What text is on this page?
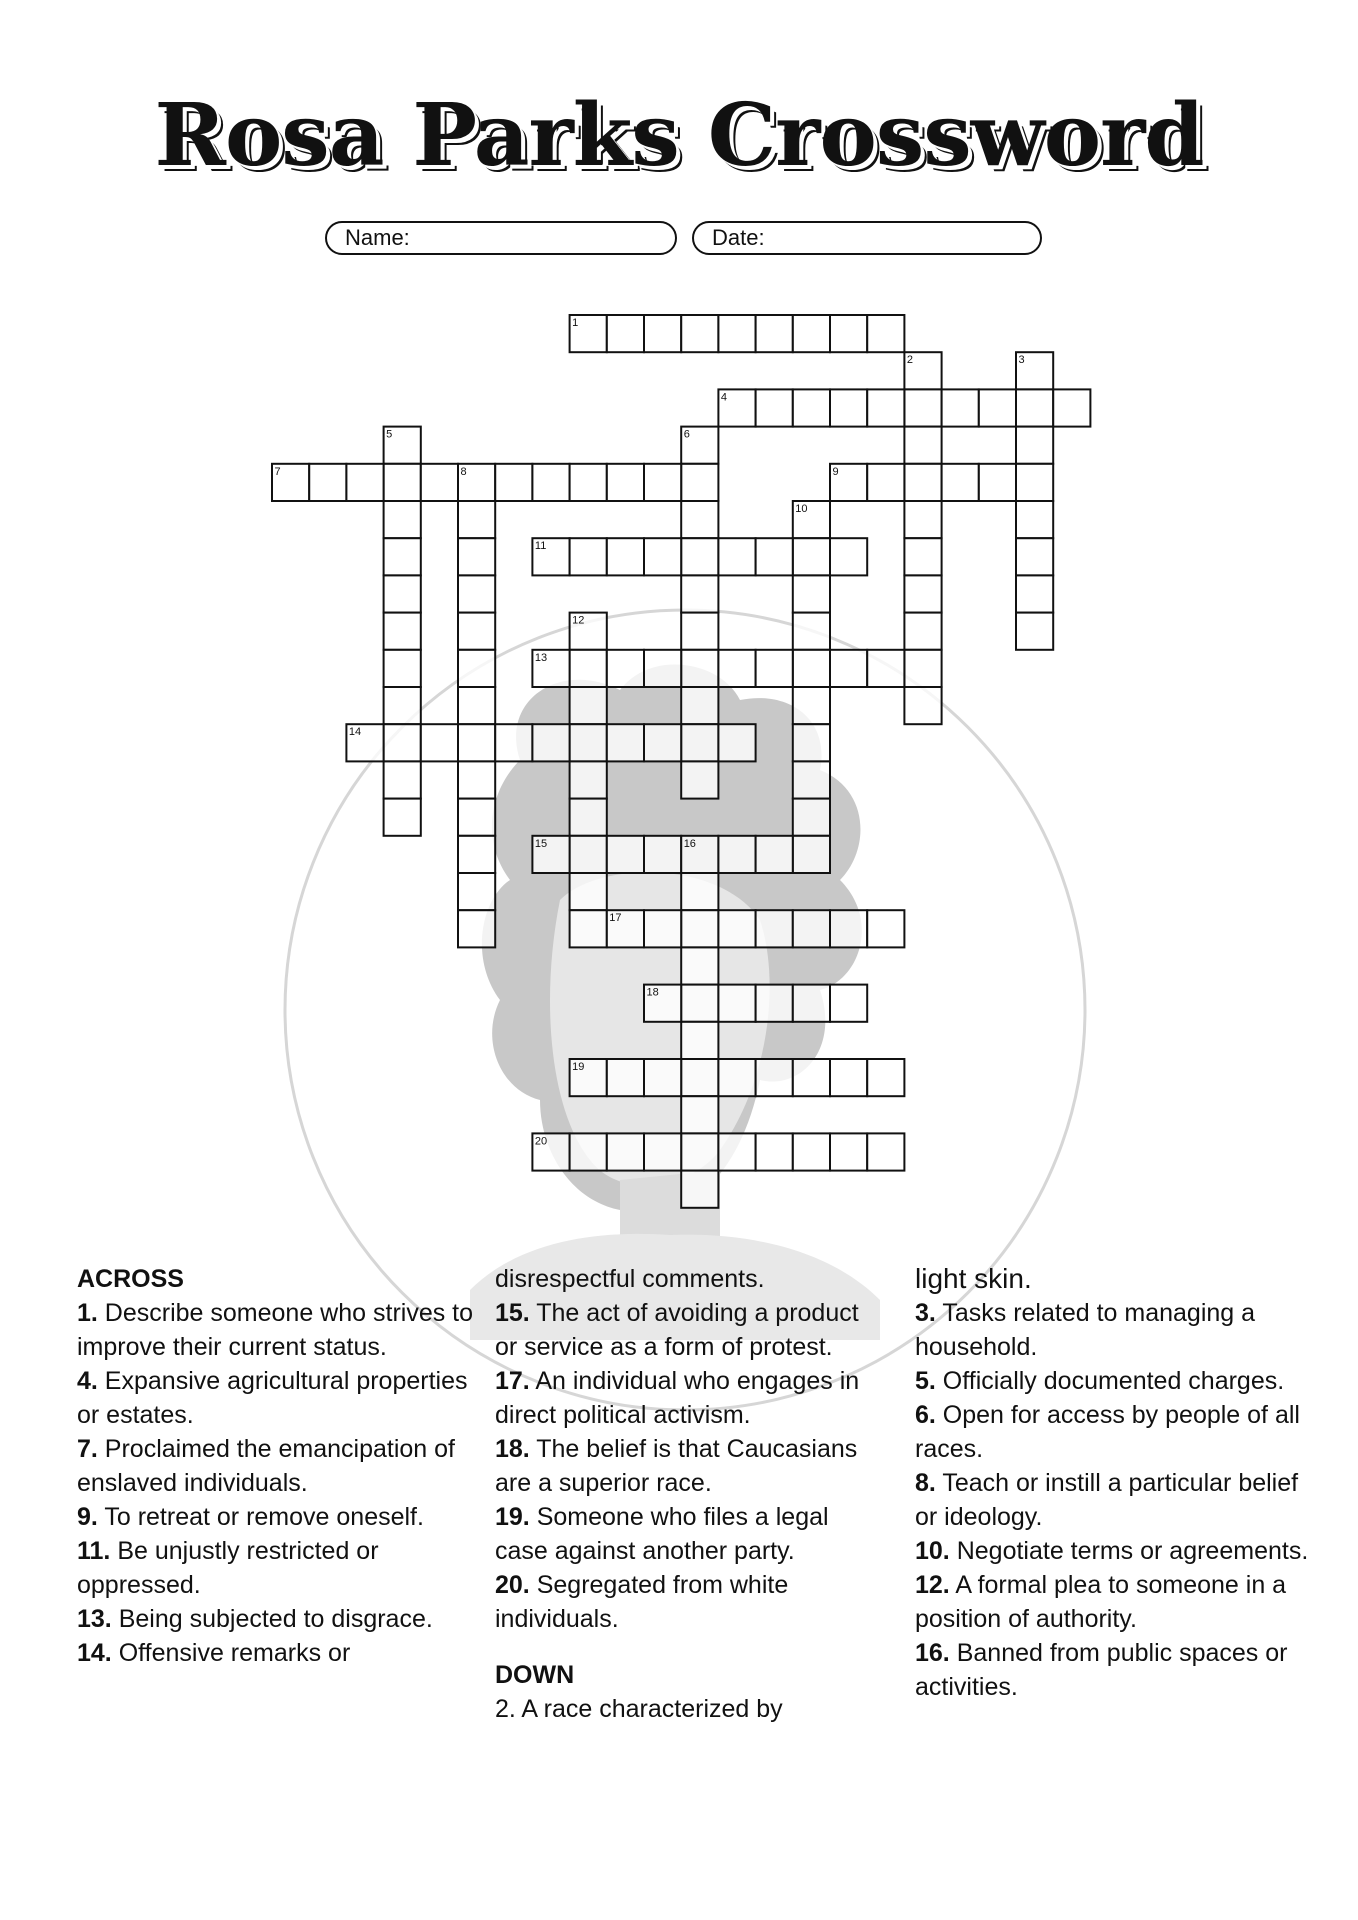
Rosa Parks Crossword
Name:	Date:
1
2	3
4
5	6
7	8	9
10
11
12
13
14
15	16
17
18
19
20
ACROSS

1. Describe someone who strives to improve their current status.

4. Expansive agricultural properties or estates.

7. Proclaimed the emancipation of enslaved individuals.

9. To retreat or remove oneself.

11. Be unjustly restricted or oppressed.

13. Being subjected to disgrace.

14. Offensive remarks or

disrespectful comments.

15. The act of avoiding a product or service as a form of protest.

17. An individual who engages in direct political activism.

18. The belief is that Caucasians are a superior race.

19. Someone who files a legal case against another party.

20. Segregated from white individuals.

DOWN

2. A race characterized by

light skin.

3. Tasks related to managing a household.

5. Officially documented charges.

6. Open for access by people of all races.

8. Teach or instill a particular belief or ideology.

10. Negotiate terms or agreements.

12. A formal plea to someone in a position of authority.

16. Banned from public spaces or activities.
